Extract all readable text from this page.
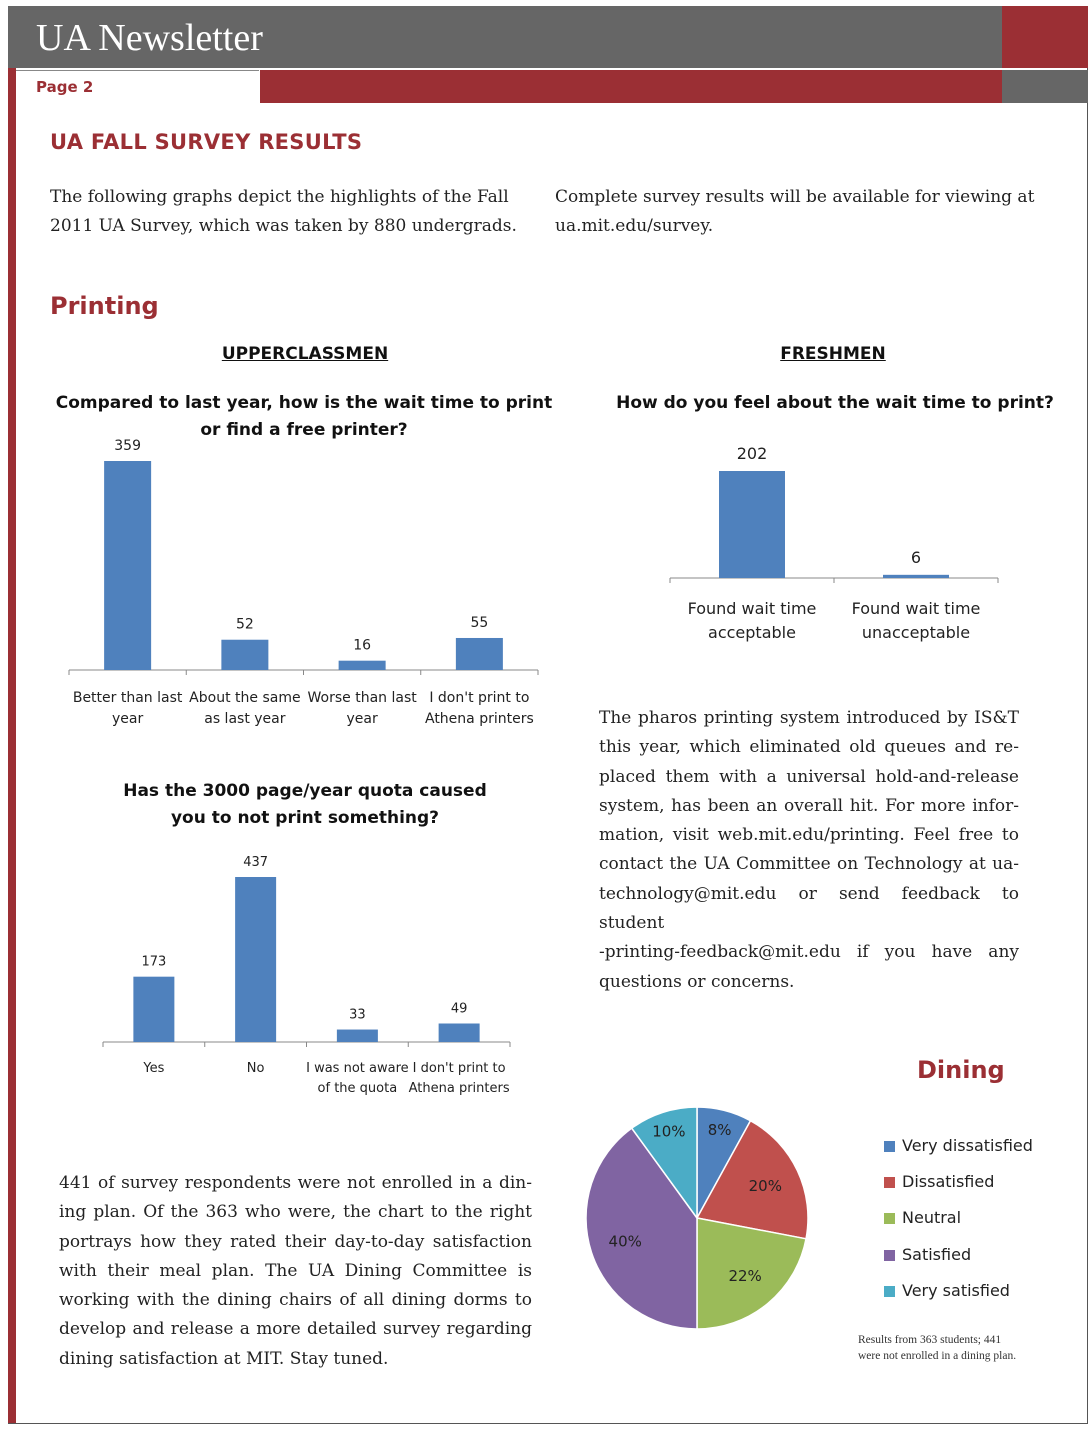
UA Newsletter
Page 2
UA FALL SURVEY RESULTS
The following graphs depict the highlights of the Fall
2011 UA Survey, which was taken by 880 undergrads.
Complete survey results will be available for viewing at
ua.mit.edu/survey.
Printing
UPPERCLASSMEN	FRESHMEN
Compared to last year, how is the wait time to print
or find a free printer?
359
Better than last
year
52
About the same
as last year
16
Worse than last
year
55
I don't print to
Athena printers
How do you feel about the wait time to print?
202
Found wait time
acceptable
6
Found wait time
unacceptable
Has the 3000 page/year quota caused
you to not print something?
173
Yes
437
No
33
I was not aware
of the quota
49
I don't print to
Athena printers
The pharos printing system introduced by IS&T
this year, which eliminated old queues and re-
placed them with a universal hold-and-release
system, has been an overall hit. For more infor-
mation, visit web.mit.edu/printing. Feel free to
contact the UA Committee on Technology at ua-
technology@mit.edu or send feedback to student
-printing-feedback@mit.edu if you have any
questions or concerns.
Dining
441 of survey respondents were not enrolled in a din-
ing plan. Of the 363 who were, the chart to the right
portrays how they rated their day-to-day satisfaction
with their meal plan. The UA Dining Committee is
working with the dining chairs of all dining dorms to
develop and release a more detailed survey regarding
dining satisfaction at MIT. Stay tuned.
8%
20%
22%
40%
10%
Very dissatisfied
Dissatisfied
Neutral
Satisfied
Very satisfied
Results from 363 students; 441
were not enrolled in a dining plan.
